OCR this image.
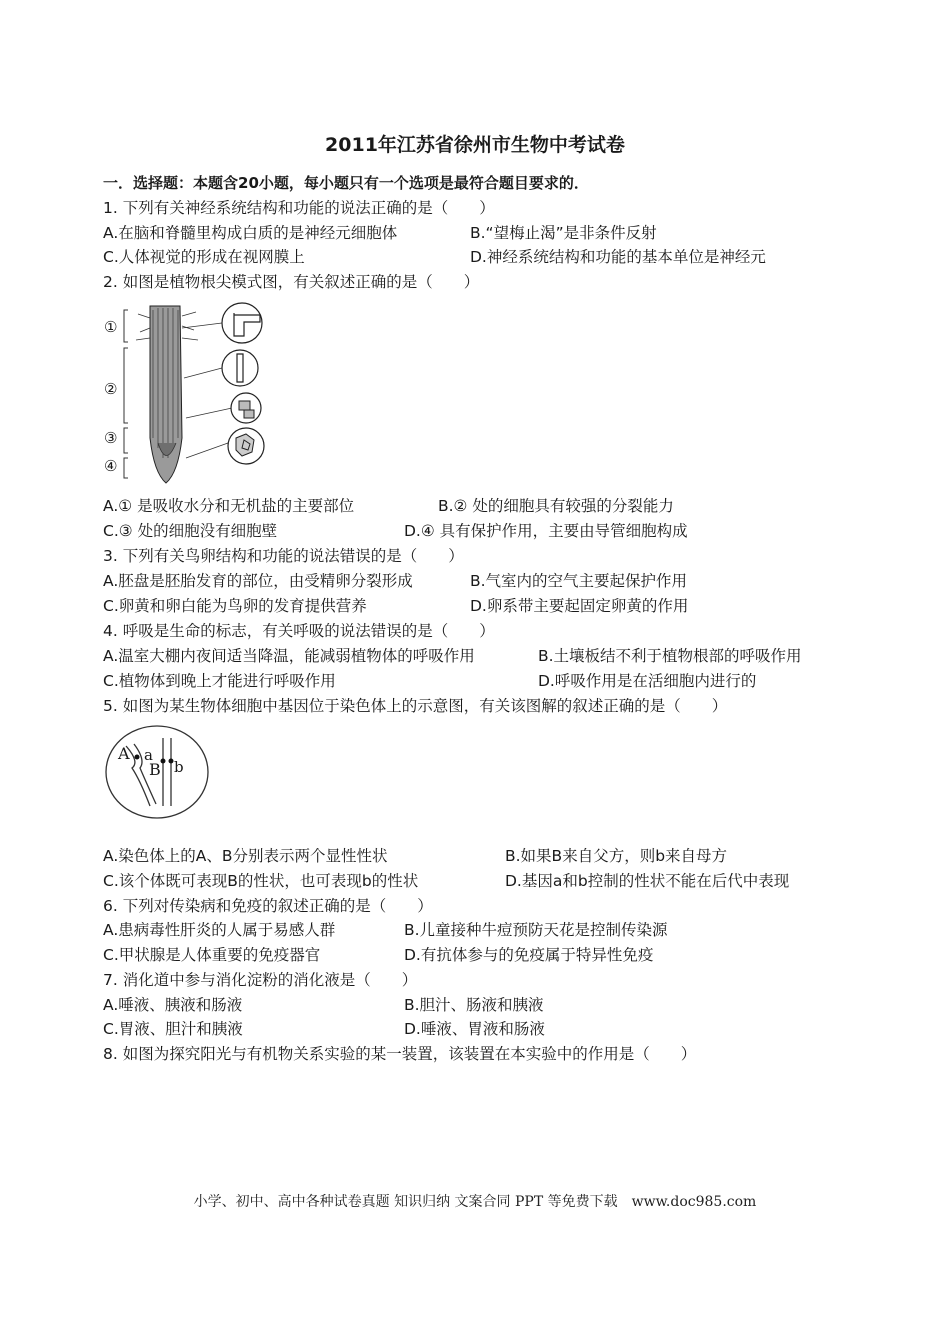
2011年江苏省徐州市生物中考试卷
一．选择题：本题含20小题，每小题只有一个选项是最符合题目要求的．
1. 下列有关神经系统结构和功能的说法正确的是（　　）
A.在脑和脊髓里构成白质的是神经元细胞体	B.“望梅止渴”是非条件反射
C.人体视觉的形成在视网膜上	D.神经系统结构和功能的基本单位是神经元
2. 如图是植物根尖模式图，有关叙述正确的是（　　）
①
②
③
④
A.① 是吸收水分和无机盐的主要部位	B.② 处的细胞具有较强的分裂能力
C.③ 处的细胞没有细胞壁	D.④ 具有保护作用，主要由导管细胞构成
3. 下列有关鸟卵结构和功能的说法错误的是（　　）
A.胚盘是胚胎发育的部位，由受精卵分裂形成	B.气室内的空气主要起保护作用
C.卵黄和卵白能为鸟卵的发育提供营养	D.卵系带主要起固定卵黄的作用
4. 呼吸是生命的标志，有关呼吸的说法错误的是（　　）
A.温室大棚内夜间适当降温，能减弱植物体的呼吸作用	B.土壤板结不利于植物根部的呼吸作用
C.植物体到晚上才能进行呼吸作用	D.呼吸作用是在活细胞内进行的
5. 如图为某生物体细胞中基因位于染色体上的示意图，有关该图解的叙述正确的是（　　）
A a
B b
A.染色体上的A、B分别表示两个显性性状	B.如果B来自父方，则b来自母方
C.该个体既可表现B的性状，也可表现b的性状	D.基因a和b控制的性状不能在后代中表现
6. 下列对传染病和免疫的叙述正确的是（　　）
A.患病毒性肝炎的人属于易感人群	B.儿童接种牛痘预防天花是控制传染源
C.甲状腺是人体重要的免疫器官	D.有抗体参与的免疫属于特异性免疫
7. 消化道中参与消化淀粉的消化液是（　　）
A.唾液、胰液和肠液	B.胆汁、肠液和胰液
C.胃液、胆汁和胰液	D.唾液、胃液和肠液
8. 如图为探究阳光与有机物关系实验的某一装置，该装置在本实验中的作用是（　　）
小学、初中、高中各种试卷真题 知识归纳 文案合同 PPT 等免费下载　www.doc985.com
